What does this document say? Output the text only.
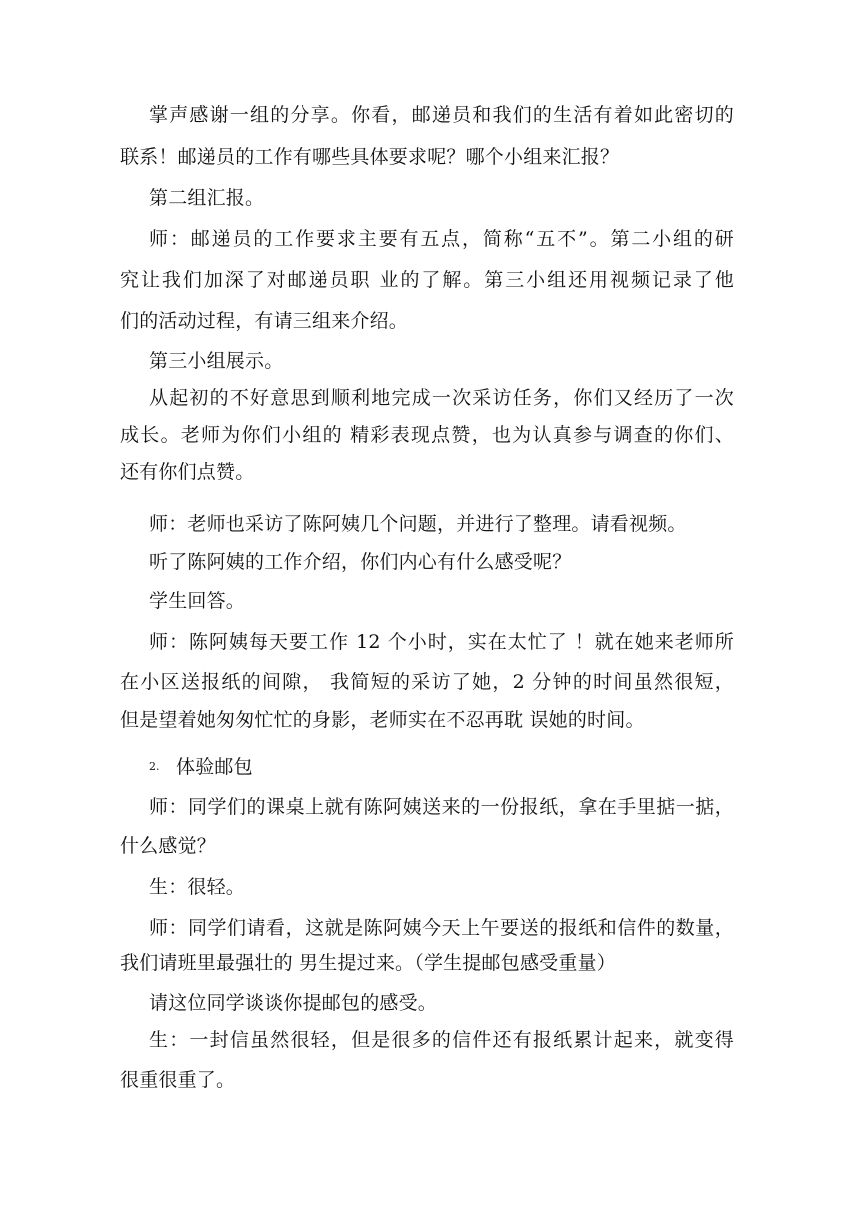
掌声感谢一组的分享。你看，邮递员和我们的生活有着如此密切的
联系！邮递员的工作有哪些具体要求呢？哪个小组来汇报？
第二组汇报。
师：邮递员的工作要求主要有五点，简称“五不”。第二小组的研
究让我们加深了对邮递员职 业的了解。第三小组还用视频记录了他
们的活动过程，有请三组来介绍。
第三小组展示。
从起初的不好意思到顺利地完成一次采访任务，你们又经历了一次
成长。老师为你们小组的 精彩表现点赞，也为认真参与调查的你们、
还有你们点赞。
师：老师也采访了陈阿姨几个问题，并进行了整理。请看视频。
听了陈阿姨的工作介绍，你们内心有什么感受呢？
学生回答。
师：陈阿姨每天要工作 12 个小时，实在太忙了 ！就在她来老师所
在小区送报纸的间隙， 我简短的采访了她，2 分钟的时间虽然很短，
但是望着她匆匆忙忙的身影，老师实在不忍再耽 误她的时间。
2. 体验邮包
师：同学们的课桌上就有陈阿姨送来的一份报纸，拿在手里掂一掂，
什么感觉？
生：很轻。
师：同学们请看，这就是陈阿姨今天上午要送的报纸和信件的数量，
我们请班里最强壮的 男生提过来。（学生提邮包感受重量）
请这位同学谈谈你提邮包的感受。
生：一封信虽然很轻，但是很多的信件还有报纸累计起来，就变得
很重很重了。
